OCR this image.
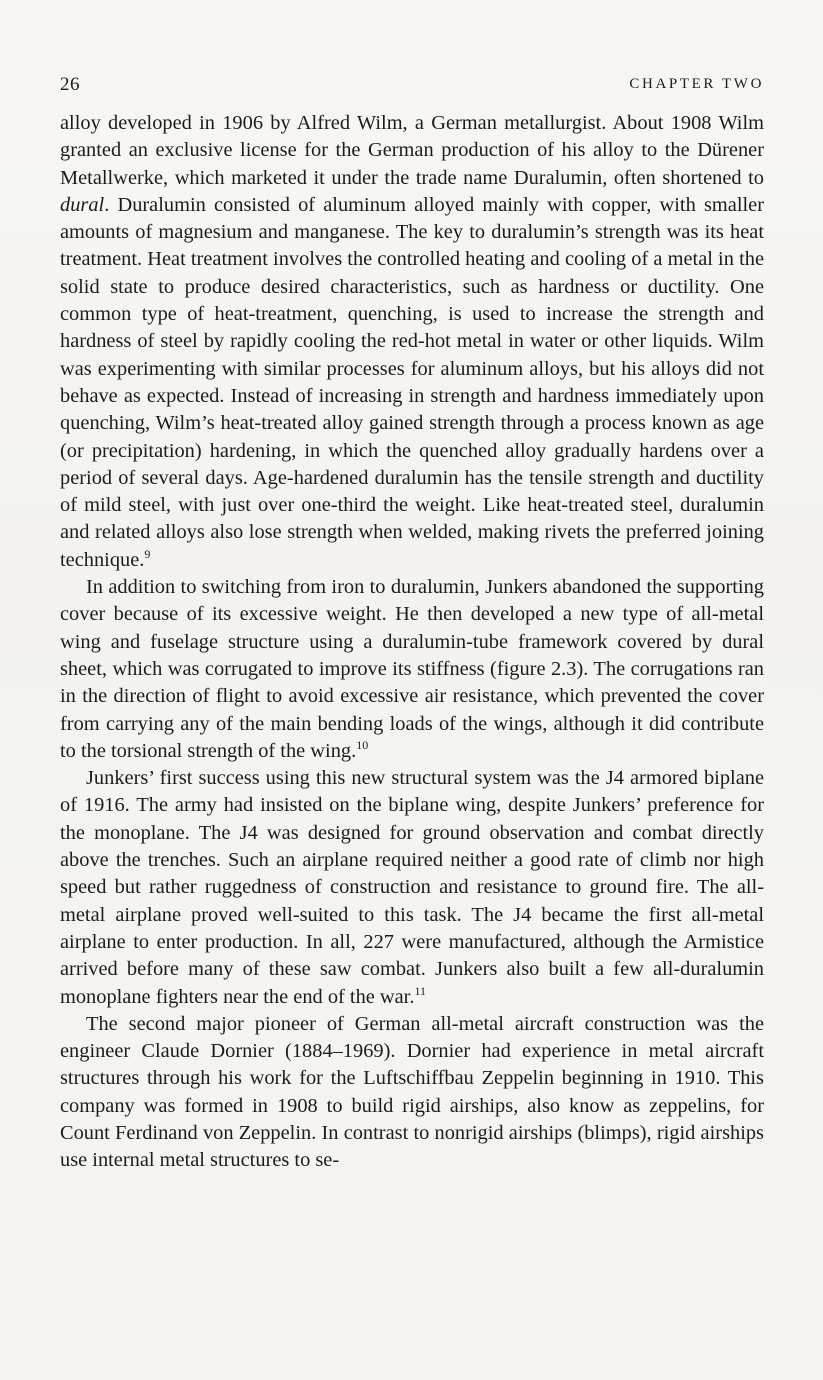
26	CHAPTER TWO

alloy developed in 1906 by Alfred Wilm, a German metallurgist. About 1908 Wilm granted an exclusive license for the German production of his alloy to the Dürener Metallwerke, which marketed it under the trade name Duralumin, often shortened to dural. Duralumin consisted of aluminum alloyed mainly with copper, with smaller amounts of magnesium and manganese. The key to duralumin’s strength was its heat treatment. Heat treatment involves the controlled heating and cooling of a metal in the solid state to produce desired characteristics, such as hardness or ductility. One common type of heat-treatment, quenching, is used to increase the strength and hardness of steel by rapidly cooling the red-hot metal in water or other liquids. Wilm was experimenting with similar processes for aluminum alloys, but his alloys did not behave as expected. Instead of increasing in strength and hardness immediately upon quenching, Wilm’s heat-treated alloy gained strength through a process known as age (or precipitation) hardening, in which the quenched alloy gradually hardens over a period of several days. Age-hardened duralumin has the tensile strength and ductility of mild steel, with just over one-third the weight. Like heat-treated steel, duralumin and related alloys also lose strength when welded, making rivets the preferred joining technique.$^9$

In addition to switching from iron to duralumin, Junkers abandoned the supporting cover because of its excessive weight. He then developed a new type of all-metal wing and fuselage structure using a duralumin-tube framework covered by dural sheet, which was corrugated to improve its stiffness (figure 2.3). The corrugations ran in the direction of flight to avoid excessive air resistance, which prevented the cover from carrying any of the main bending loads of the wings, although it did contribute to the torsional strength of the wing.$^{10}$

Junkers’ first success using this new structural system was the J4 armored biplane of 1916. The army had insisted on the biplane wing, despite Junkers’ preference for the monoplane. The J4 was designed for ground observation and combat directly above the trenches. Such an airplane required neither a good rate of climb nor high speed but rather ruggedness of construction and resistance to ground fire. The all-metal airplane proved well-suited to this task. The J4 became the first all-metal airplane to enter production. In all, 227 were manufactured, although the Armistice arrived before many of these saw combat. Junkers also built a few all-duralumin monoplane fighters near the end of the war.$^{11}$

The second major pioneer of German all-metal aircraft construction was the engineer Claude Dornier (1884–1969). Dornier had experience in metal aircraft structures through his work for the Luftschiffbau Zeppelin beginning in 1910. This company was formed in 1908 to build rigid airships, also know as zeppelins, for Count Ferdinand von Zeppelin. In contrast to nonrigid airships (blimps), rigid airships use internal metal structures to se-
